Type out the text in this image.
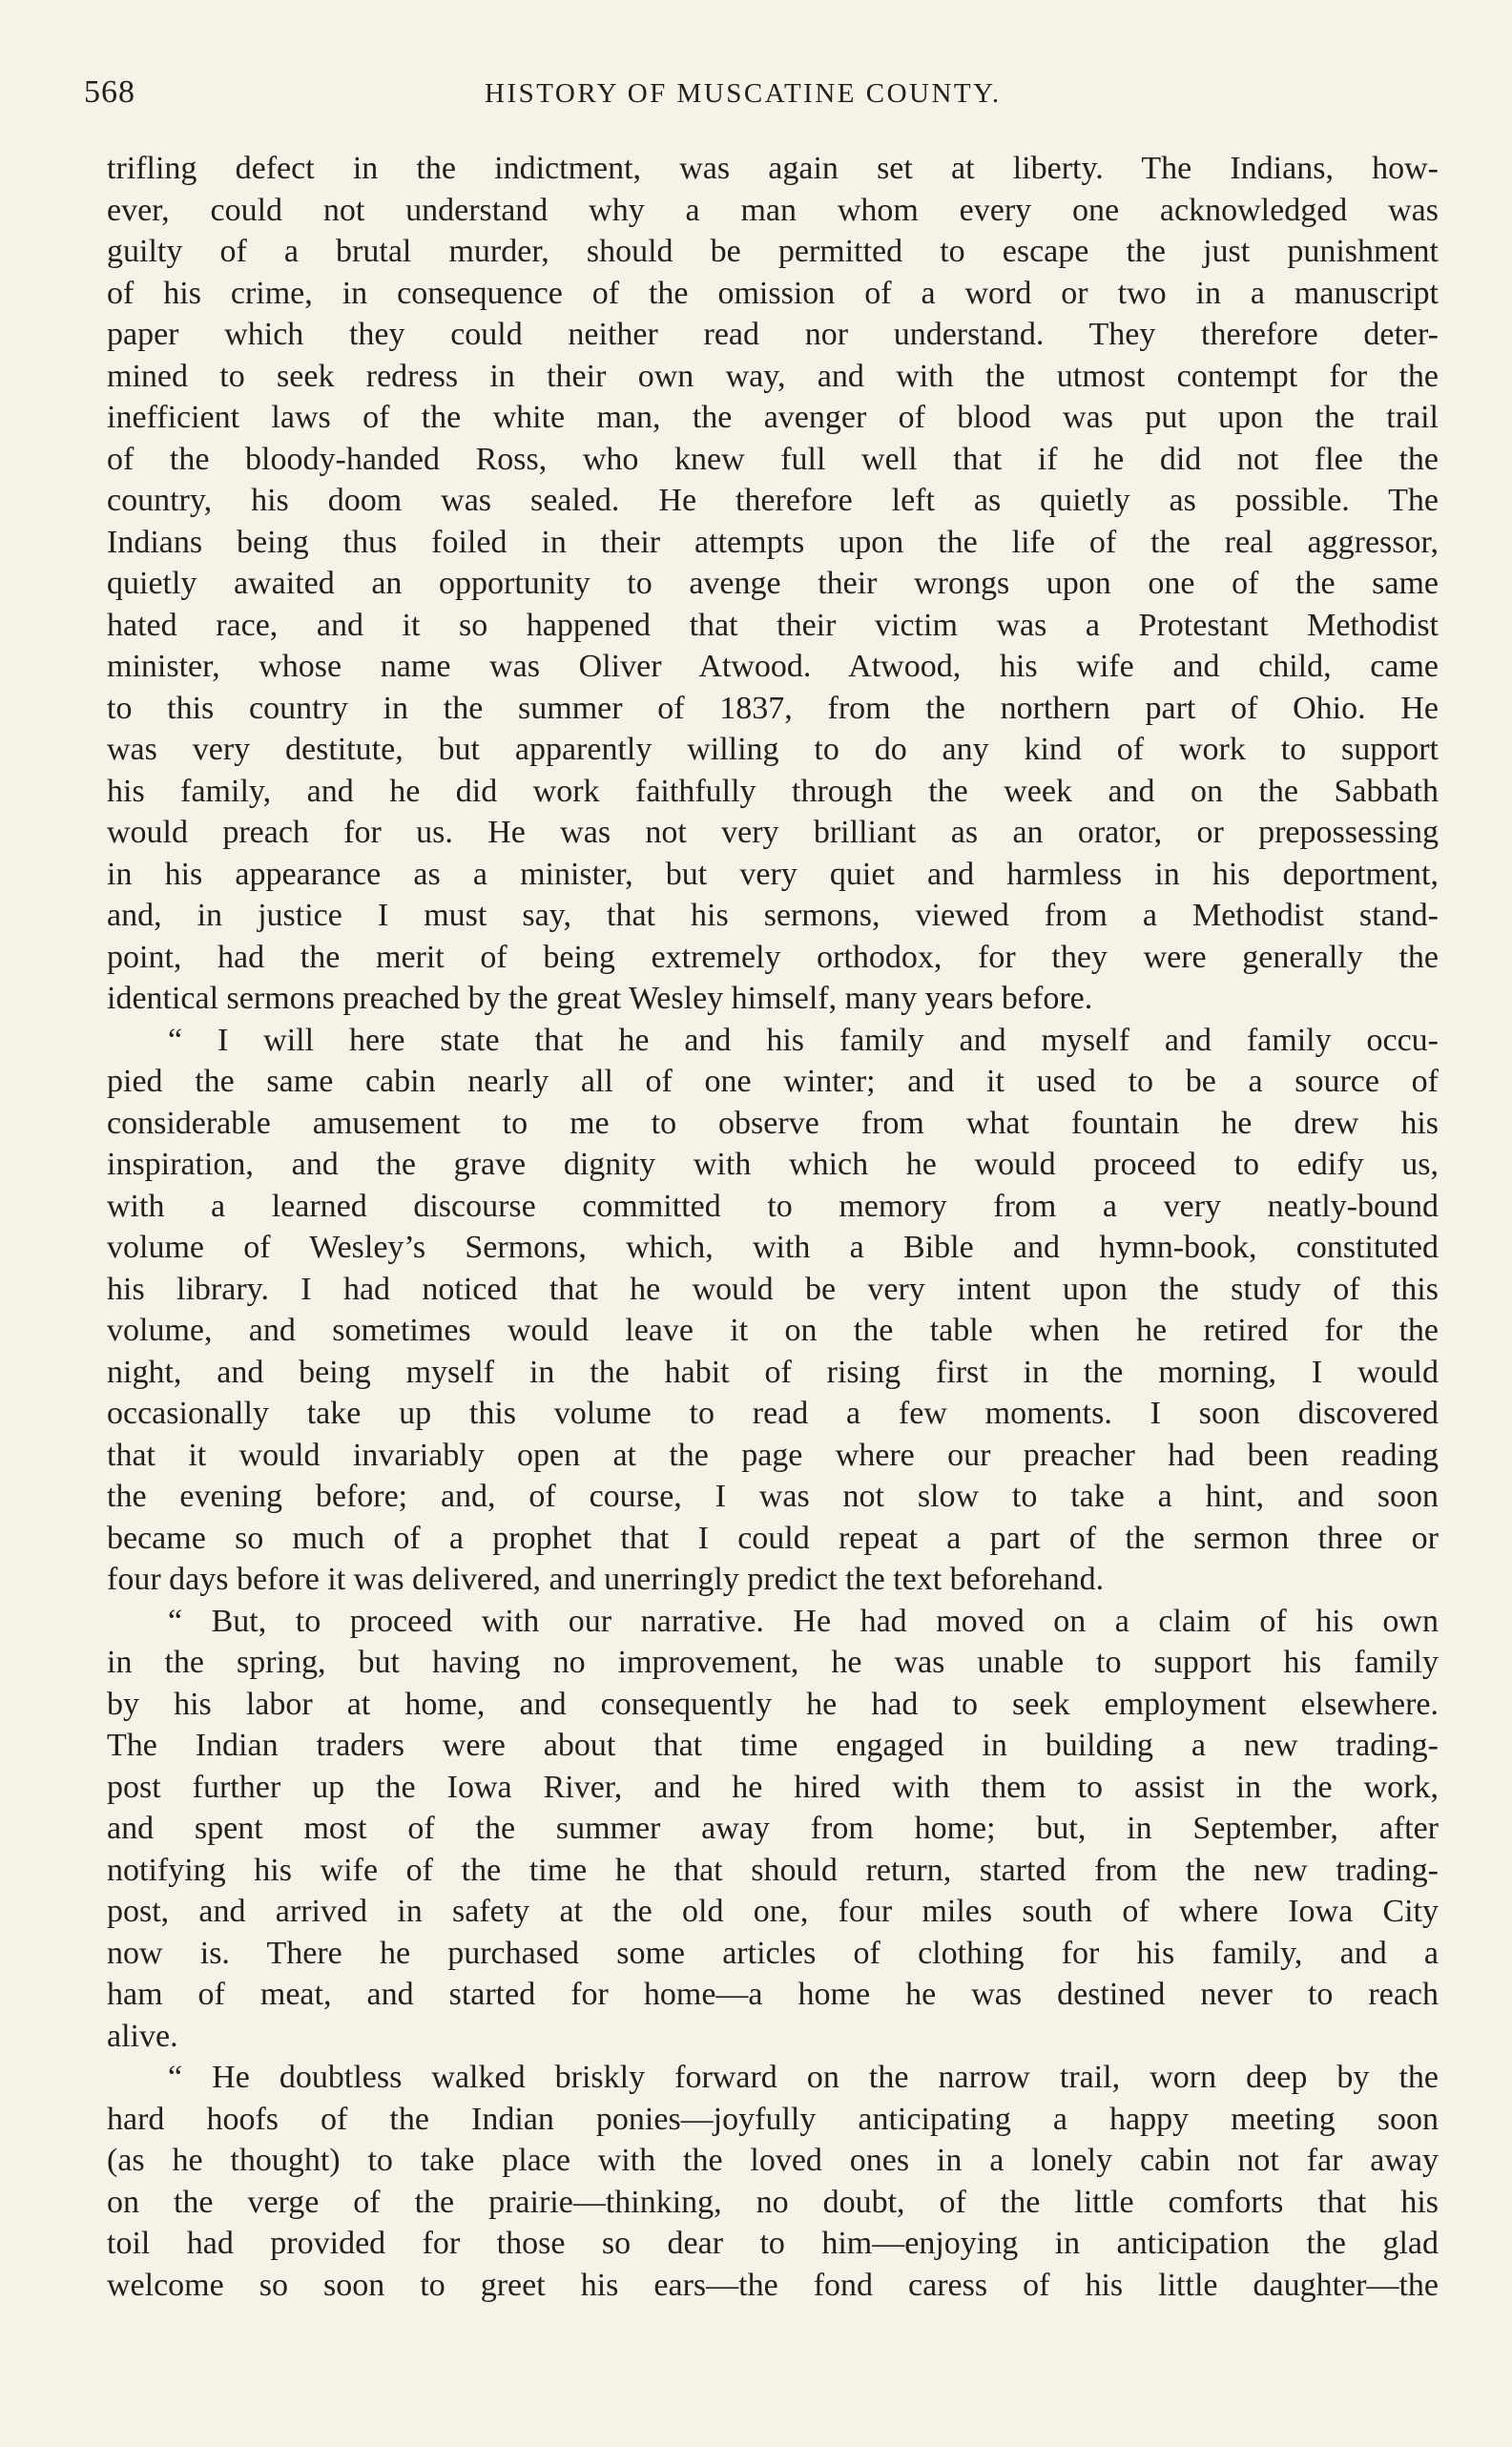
568	HISTORY OF MUSCATINE COUNTY.
trifling defect in the indictment, was again set at liberty. The Indians, how-
ever, could not understand why a man whom every one acknowledged was
guilty of a brutal murder, should be permitted to escape the just punishment
of his crime, in consequence of the omission of a word or two in a manuscript
paper which they could neither read nor understand. They therefore deter-
mined to seek redress in their own way, and with the utmost contempt for the
inefficient laws of the white man, the avenger of blood was put upon the trail
of the bloody-handed Ross, who knew full well that if he did not flee the
country, his doom was sealed. He therefore left as quietly as possible. The
Indians being thus foiled in their attempts upon the life of the real aggressor,
quietly awaited an opportunity to avenge their wrongs upon one of the same
hated race, and it so happened that their victim was a Protestant Methodist
minister, whose name was Oliver Atwood. Atwood, his wife and child, came
to this country in the summer of 1837, from the northern part of Ohio. He
was very destitute, but apparently willing to do any kind of work to support
his family, and he did work faithfully through the week and on the Sabbath
would preach for us. He was not very brilliant as an orator, or prepossessing
in his appearance as a minister, but very quiet and harmless in his deportment,
and, in justice I must say, that his sermons, viewed from a Methodist stand-
point, had the merit of being extremely orthodox, for they were generally the
identical sermons preached by the great Wesley himself, many years before.
“ I will here state that he and his family and myself and family occu-
pied the same cabin nearly all of one winter; and it used to be a source of
considerable amusement to me to observe from what fountain he drew his
inspiration, and the grave dignity with which he would proceed to edify us,
with a learned discourse committed to memory from a very neatly-bound
volume of Wesley’s Sermons, which, with a Bible and hymn-book, constituted
his library. I had noticed that he would be very intent upon the study of this
volume, and sometimes would leave it on the table when he retired for the
night, and being myself in the habit of rising first in the morning, I would
occasionally take up this volume to read a few moments. I soon discovered
that it would invariably open at the page where our preacher had been reading
the evening before; and, of course, I was not slow to take a hint, and soon
became so much of a prophet that I could repeat a part of the sermon three or
four days before it was delivered, and unerringly predict the text beforehand.
“ But, to proceed with our narrative. He had moved on a claim of his own
in the spring, but having no improvement, he was unable to support his family
by his labor at home, and consequently he had to seek employment elsewhere.
The Indian traders were about that time engaged in building a new trading-
post further up the Iowa River, and he hired with them to assist in the work,
and spent most of the summer away from home; but, in September, after
notifying his wife of the time he that should return, started from the new trading-
post, and arrived in safety at the old one, four miles south of where Iowa City
now is. There he purchased some articles of clothing for his family, and a
ham of meat, and started for home—a home he was destined never to reach
alive.
“ He doubtless walked briskly forward on the narrow trail, worn deep by the
hard hoofs of the Indian ponies—joyfully anticipating a happy meeting soon
(as he thought) to take place with the loved ones in a lonely cabin not far away
on the verge of the prairie—thinking, no doubt, of the little comforts that his
toil had provided for those so dear to him—enjoying in anticipation the glad
welcome so soon to greet his ears—the fond caress of his little daughter—the
